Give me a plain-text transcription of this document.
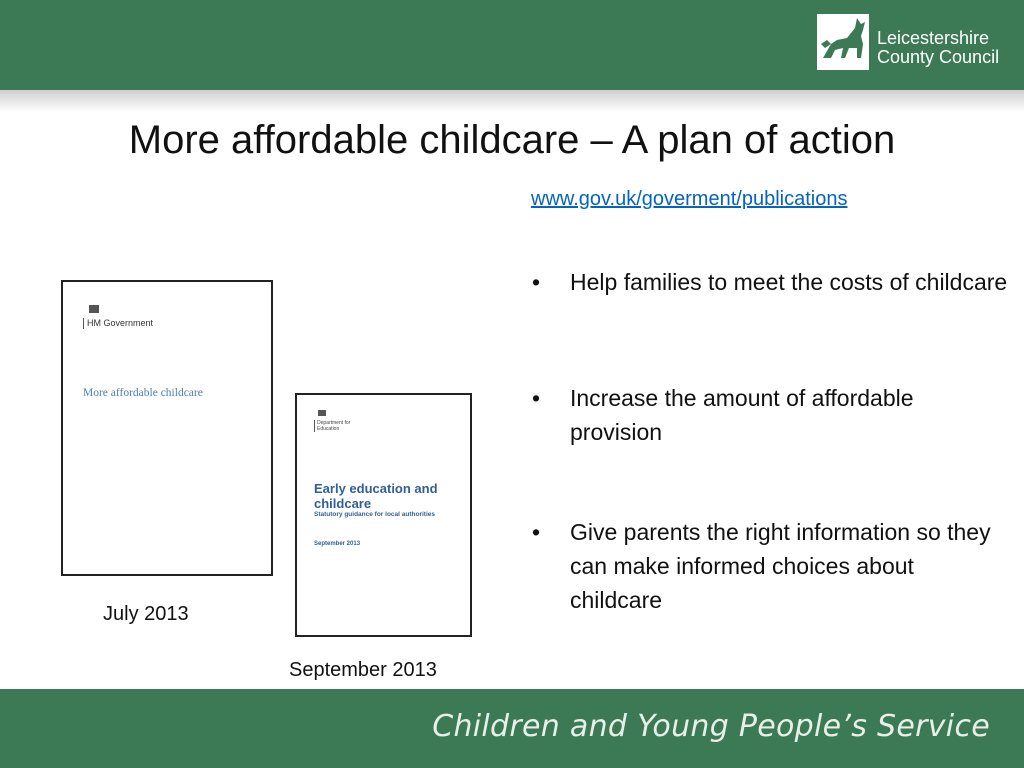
Leicestershire
County Council
More affordable childcare – A plan of action
www.gov.uk/goverment/publications
• Help families to meet the costs of childcare
• Increase the amount of affordable provision
• Give parents the right information so they can make informed choices about childcare
HM Government
More affordable childcare
July 2013
Department for Education
Early education and childcare
Statutory guidance for local authorities
September 2013
September 2013
Children and Young People’s Service
